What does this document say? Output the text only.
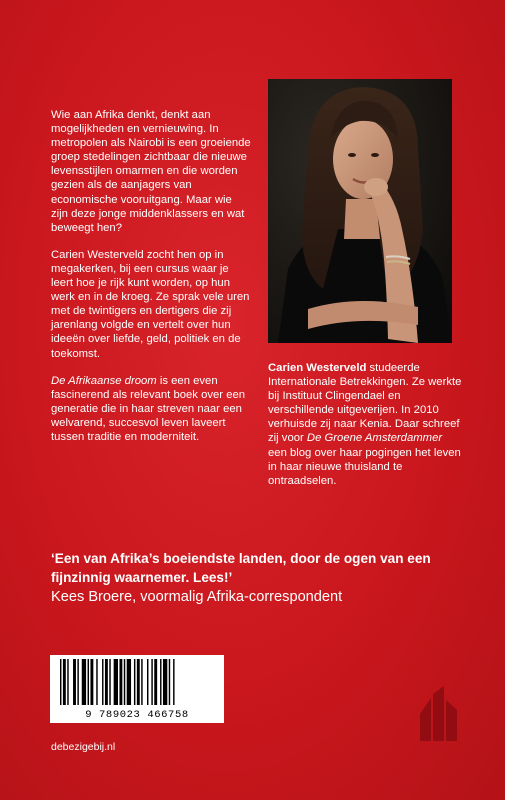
Wie aan Afrika denkt, denkt aan mogelijkheden en vernieuwing. In metropolen als Nairobi is een groeiende groep stedelingen zichtbaar die nieuwe levensstijlen omarmen en die worden gezien als de aanjagers van economische vooruitgang. Maar wie zijn deze jonge middenklassers en wat beweegt hen?

Carien Westerveld zocht hen op in megakerken, bij een cursus waar je leert hoe je rijk kunt worden, op hun werk en in de kroeg. Ze sprak vele uren met de twintigers en dertigers die zij jarenlang volgde en vertelt over hun ideeën over liefde, geld, politiek en de toekomst.

De Afrikaanse droom is een even fascinerend als relevant boek over een generatie die in haar streven naar een welvarend, succesvol leven laveert tussen traditie en moderniteit.

Carien Westerveld studeerde Internationale Betrekkingen. Ze werkte bij Instituut Clingendael en verschillende uitgeverijen. In 2010 verhuisde zij naar Kenia. Daar schreef zij voor De Groene Amsterdammer een blog over haar pogingen het leven in haar nieuwe thuisland te ontraadselen.

‘Een van Afrika’s boeiendste landen, door de ogen van een fijnzinnig waarnemer. Lees!’

Kees Broere, voormalig Afrika-correspondent

9 789023 466758
debezigebij.nl
